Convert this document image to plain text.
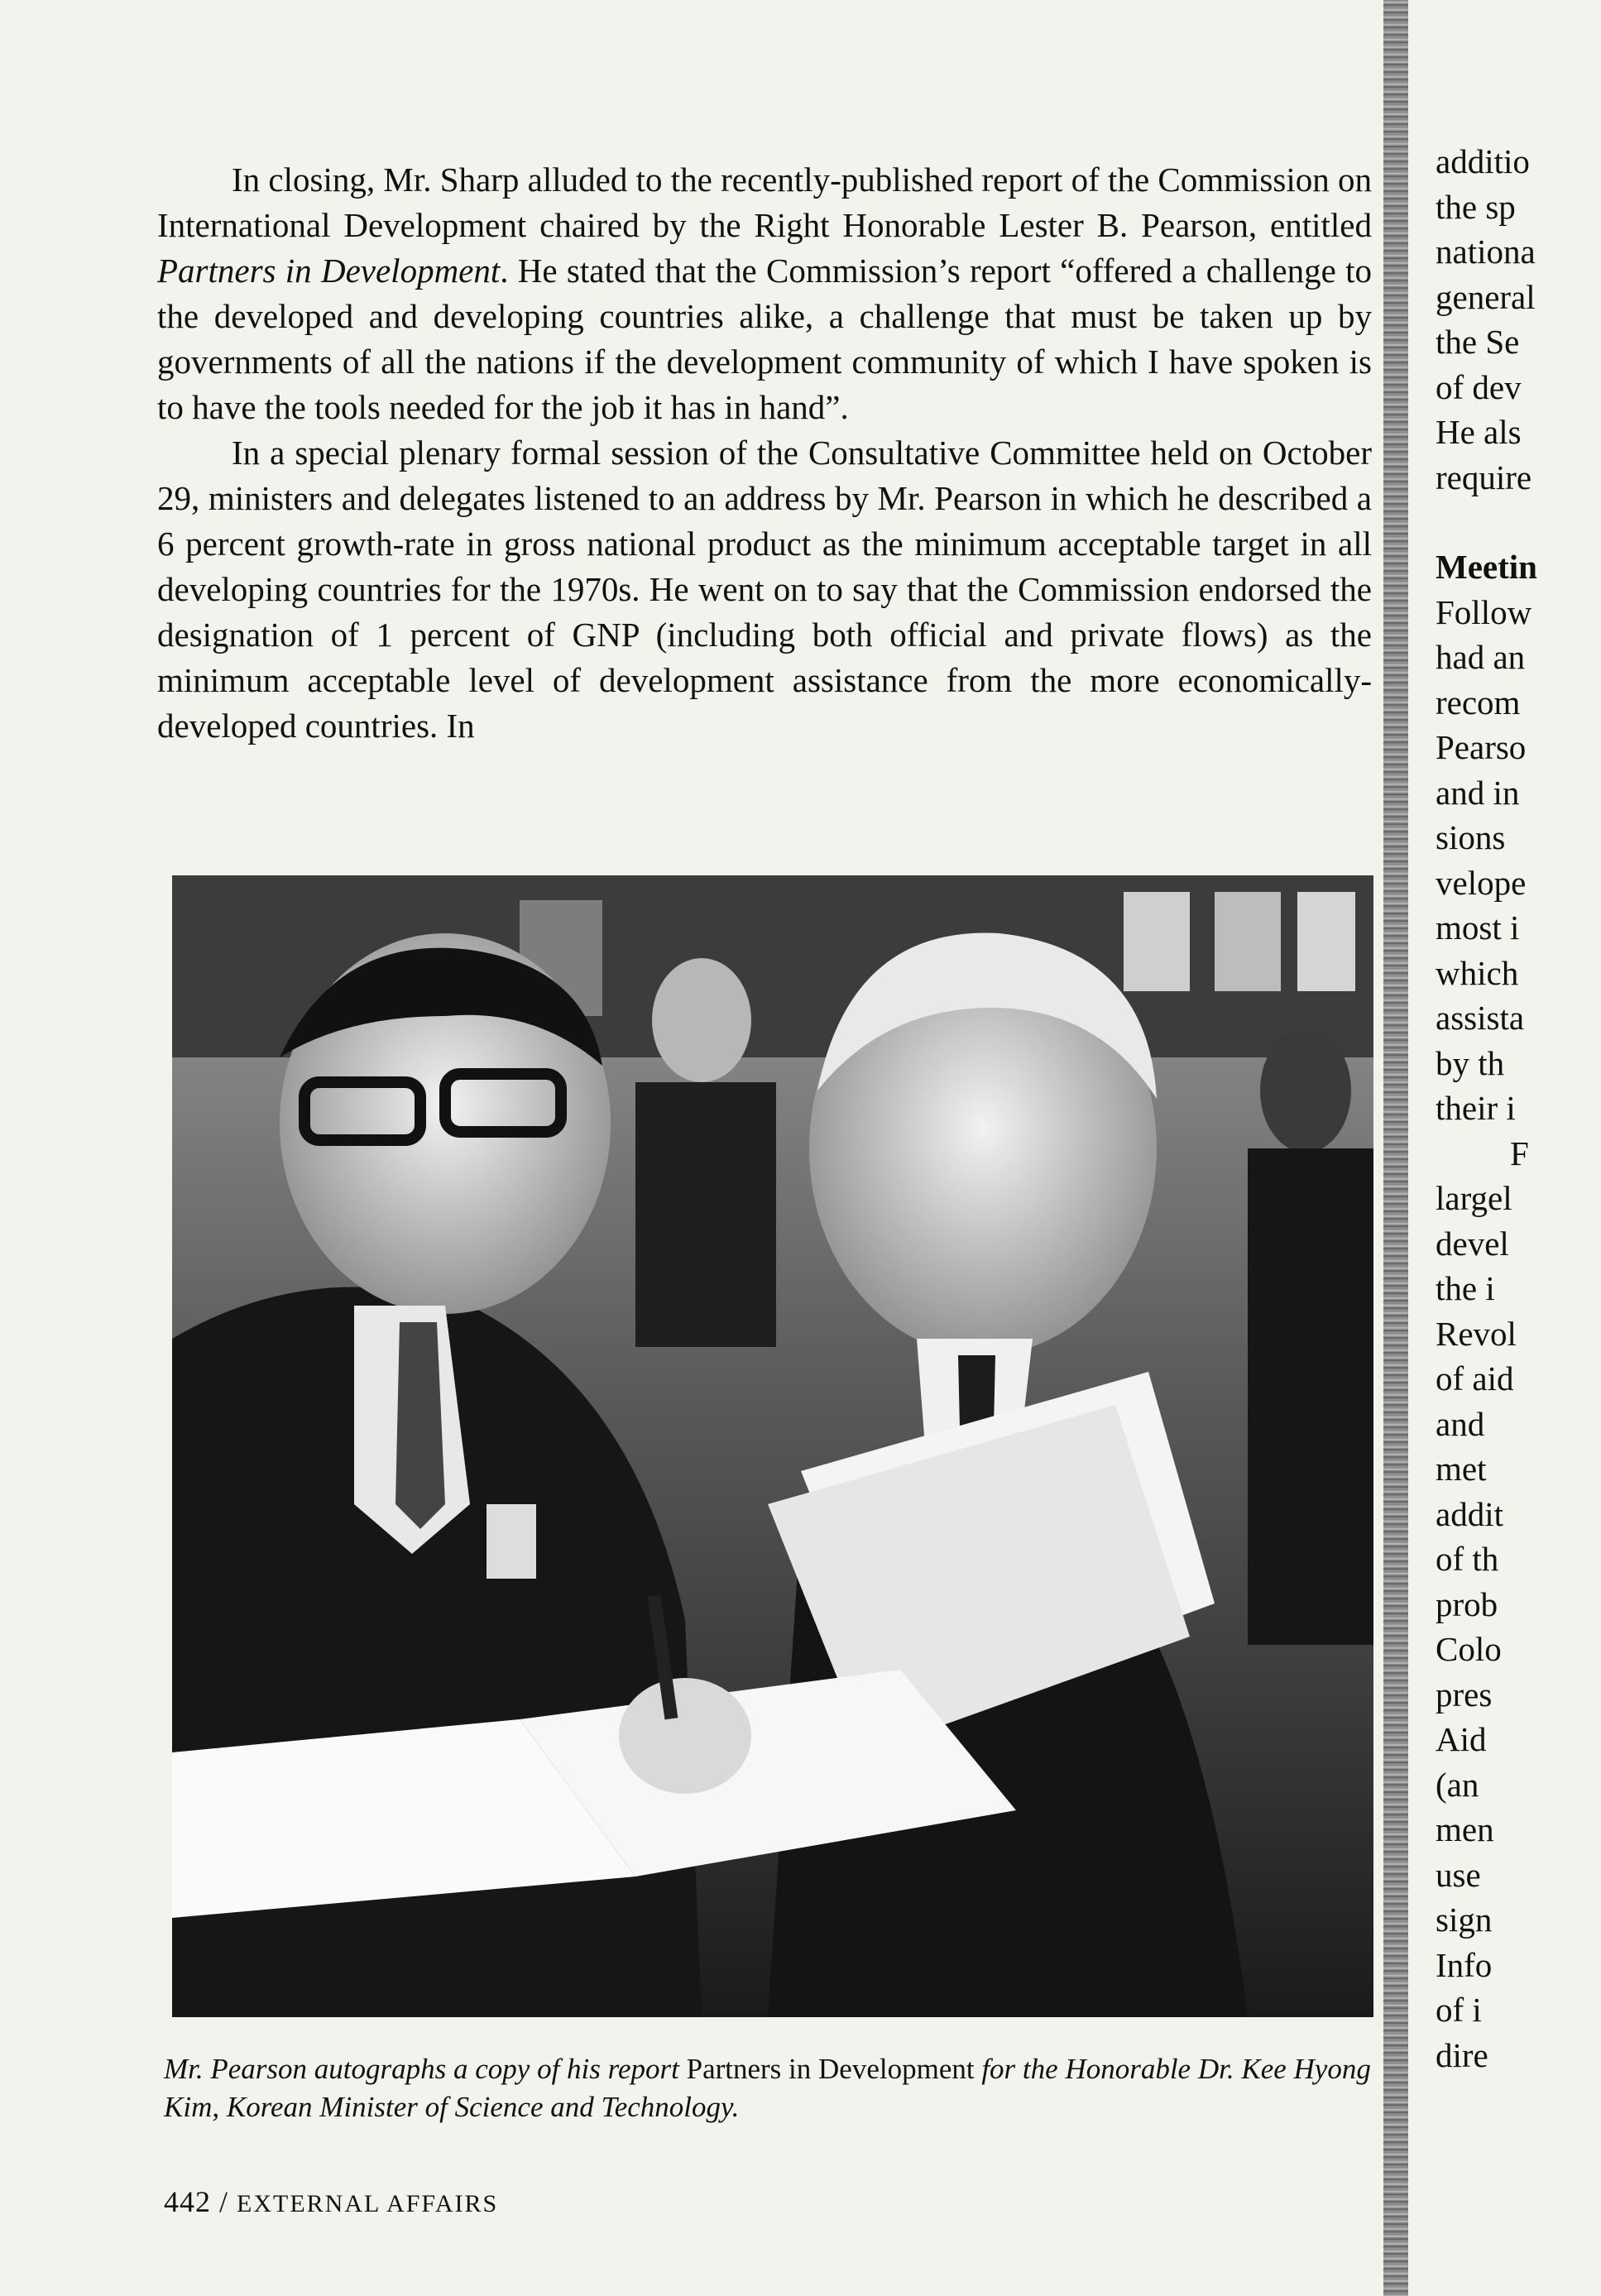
In closing, Mr. Sharp alluded to the recently-published report of the Commission on International Development chaired by the Right Honorable Lester B. Pearson, entitled Partners in Development. He stated that the Commission’s report “offered a challenge to the developed and developing countries alike, a challenge that must be taken up by governments of all the nations if the development community of which I have spoken is to have the tools needed for the job it has in hand”.

In a special plenary formal session of the Consultative Committee held on October 29, ministers and delegates listened to an address by Mr. Pearson in which he described a 6 percent growth-rate in gross national product as the minimum acceptable target in all developing countries for the 1970s. He went on to say that the Commission endorsed the designation of 1 percent of GNP (including both official and private flows) as the minimum acceptable level of development assistance from the more economically-developed countries. In

Mr. Pearson autographs a copy of his report Partners in Development for the Honorable Dr. Kee Hyong Kim, Korean Minister of Science and Technology.
442 / EXTERNAL AFFAIRS
additio
the sp
nationa
general
the Se
of dev
He als
require
Meetin
Follow
had an
recom
Pearso
and in
sions
velope
most i
which
assista
by th
their i
F
largel
devel
the i
Revol
of aid
and
met
addit
of th
prob
Colo
pres
Aid
(an
men
use
sign
Info
of i
dire
